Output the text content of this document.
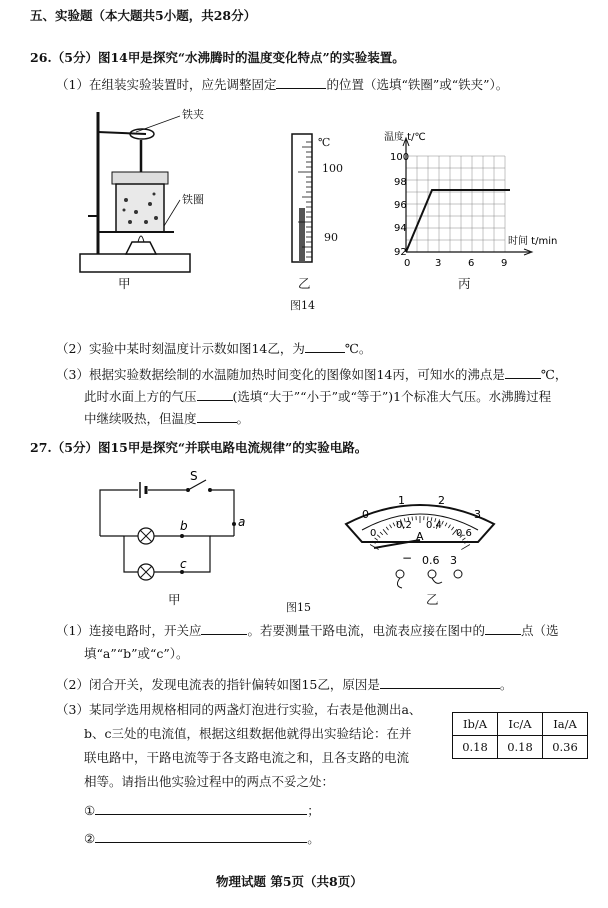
五、实验题（本大题共5小题，共28分）
26.（5分）图14甲是探究“水沸腾时的温度变化特点”的实验装置。
（1）在组装实验装置时，应先调整固定	的位置（选填“铁圈”或“铁夹”）。
铁夹
铁圈
甲
℃
100
90
乙
100
98
96
94
92
0 3	6	9
温度 t/℃
时间 t/min
丙
图14
（2）实验中某时刻温度计示数如图14乙，为	℃。
（3）根据实验数据绘制的水温随加热时间变化的图像如图14丙，可知水的沸点是	℃，
此时水面上方的气压	(选填“大于”“小于”或“等于”)1个标准大气压。水沸腾过程
中继续吸热，但温度	。
27.（5分）图15甲是探究“并联电路电流规律”的实验电路。
S
a
b
c
甲
0
1	2
3
0
0.2 0.4
0.6
A
− 0.6 3
乙
图15
（1）连接电路时，开关应	。若要测量干路电流，电流表应接在图中的	点（选
填“a”“b”或“c”）。
（2）闭合开关，发现电流表的指针偏转如图15乙，原因是	。
（3）某同学选用规格相同的两盏灯泡进行实验，右表是他测出a、
b、c三处的电流值，根据这组数据他就得出实验结论：在并
联电路中，干路电流等于各支路电流之和，且各支路的电流
相等。请指出他实验过程中的两点不妥之处：
Ib/A	Ic/A	Ia/A
0.18	0.18	0.36
①	；
②	。
物理试题 第5页（共8页）
